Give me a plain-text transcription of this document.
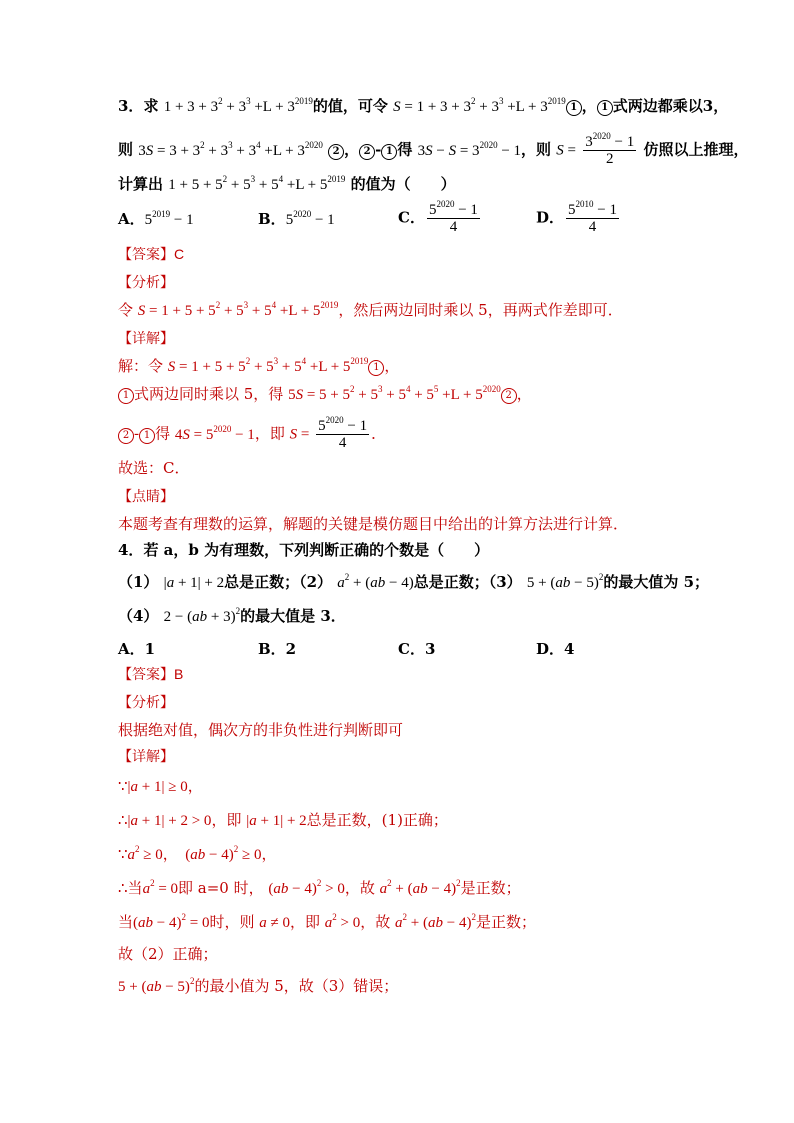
3．求 $1 + 3 + 3^2 + 3^3 +L + 3^{2019}$的值，可令 $S = 1 + 3 + 3^2 + 3^3 +L + 3^{2019}1$ ， 1 式两边都乘以3，
则 $3S = 3 + 3^2 + 3^3 + 3^4 +L + 3^{2020}$ 2 ， 2 - 1 得 $3S - S = 3^{2020} - 1$，则 $S = \frac{3^{2020} - 1}{2}$ 仿照以上推理，
计算出 $1 + 5 + 5^2 + 5^3 + 5^4 +L + 5^{2019}$ 的值为（　　）
A．$5^{2019} - 1$	B．$5^{2020} - 1$	C． $\frac{5^{2020} - 1}{4}$	D． $\frac{5^{2010} - 1}{4}$
【答案】C
【分析】
令 $S = 1 + 5 + 5^2 + 5^3 + 5^4 +L + 5^{2019}$，然后两边同时乘以 5，再两式作差即可．
【详解】
解：令 $S = 1 + 5 + 5^2 + 5^3 + 5^4 +L + 5^{2019}1$ ，
1 式两边同时乘以 5，得 $5S = 5 + 5^2 + 5^3 + 5^4 + 5^5 +L + 5^{2020}2$ ，
2 - 1 得 $4S = 5^{2020} - 1$，即 $S = \frac{5^{2020} - 1}{4}$ ．
故选：C．
【点睛】
本题考查有理数的运算，解题的关键是模仿题目中给出的计算方法进行计算．
4．若 a，b 为有理数，下列判断正确的个数是（　　）
（1） |a + 1| + 2总是正数；（2） $a^2 + (ab - 4)$总是正数；（3） 5 + (ab − 5)$^2$的最大值为 5；
（4） 2 − (ab + 3)$^2$的最大值是 3．
A．1	B．2	C．3	D．4
【答案】B
【分析】
根据绝对值，偶次方的非负性进行判断即可
【详解】
∵|a + 1| ≥ 0，
∴|a + 1| + 2 > 0，即 |a + 1| + 2总是正数，(1)正确；
$\because a^2 \ge 0$，　(ab − 4)$^2$ ≥ 0，
∴当$a^2 = 0$即 a=0 时， (ab − 4)$^2$ > 0，故 $a^2 + (ab - 4)^2$是正数；
当(ab − 4)$^2$ = 0时，则 a ≠ 0，即 $a^2 > 0$，故 $a^2 + (ab - 4)^2$是正数；
故（2）正确；
5 + (ab − 5)$^2$的最小值为 5，故（3）错误；
